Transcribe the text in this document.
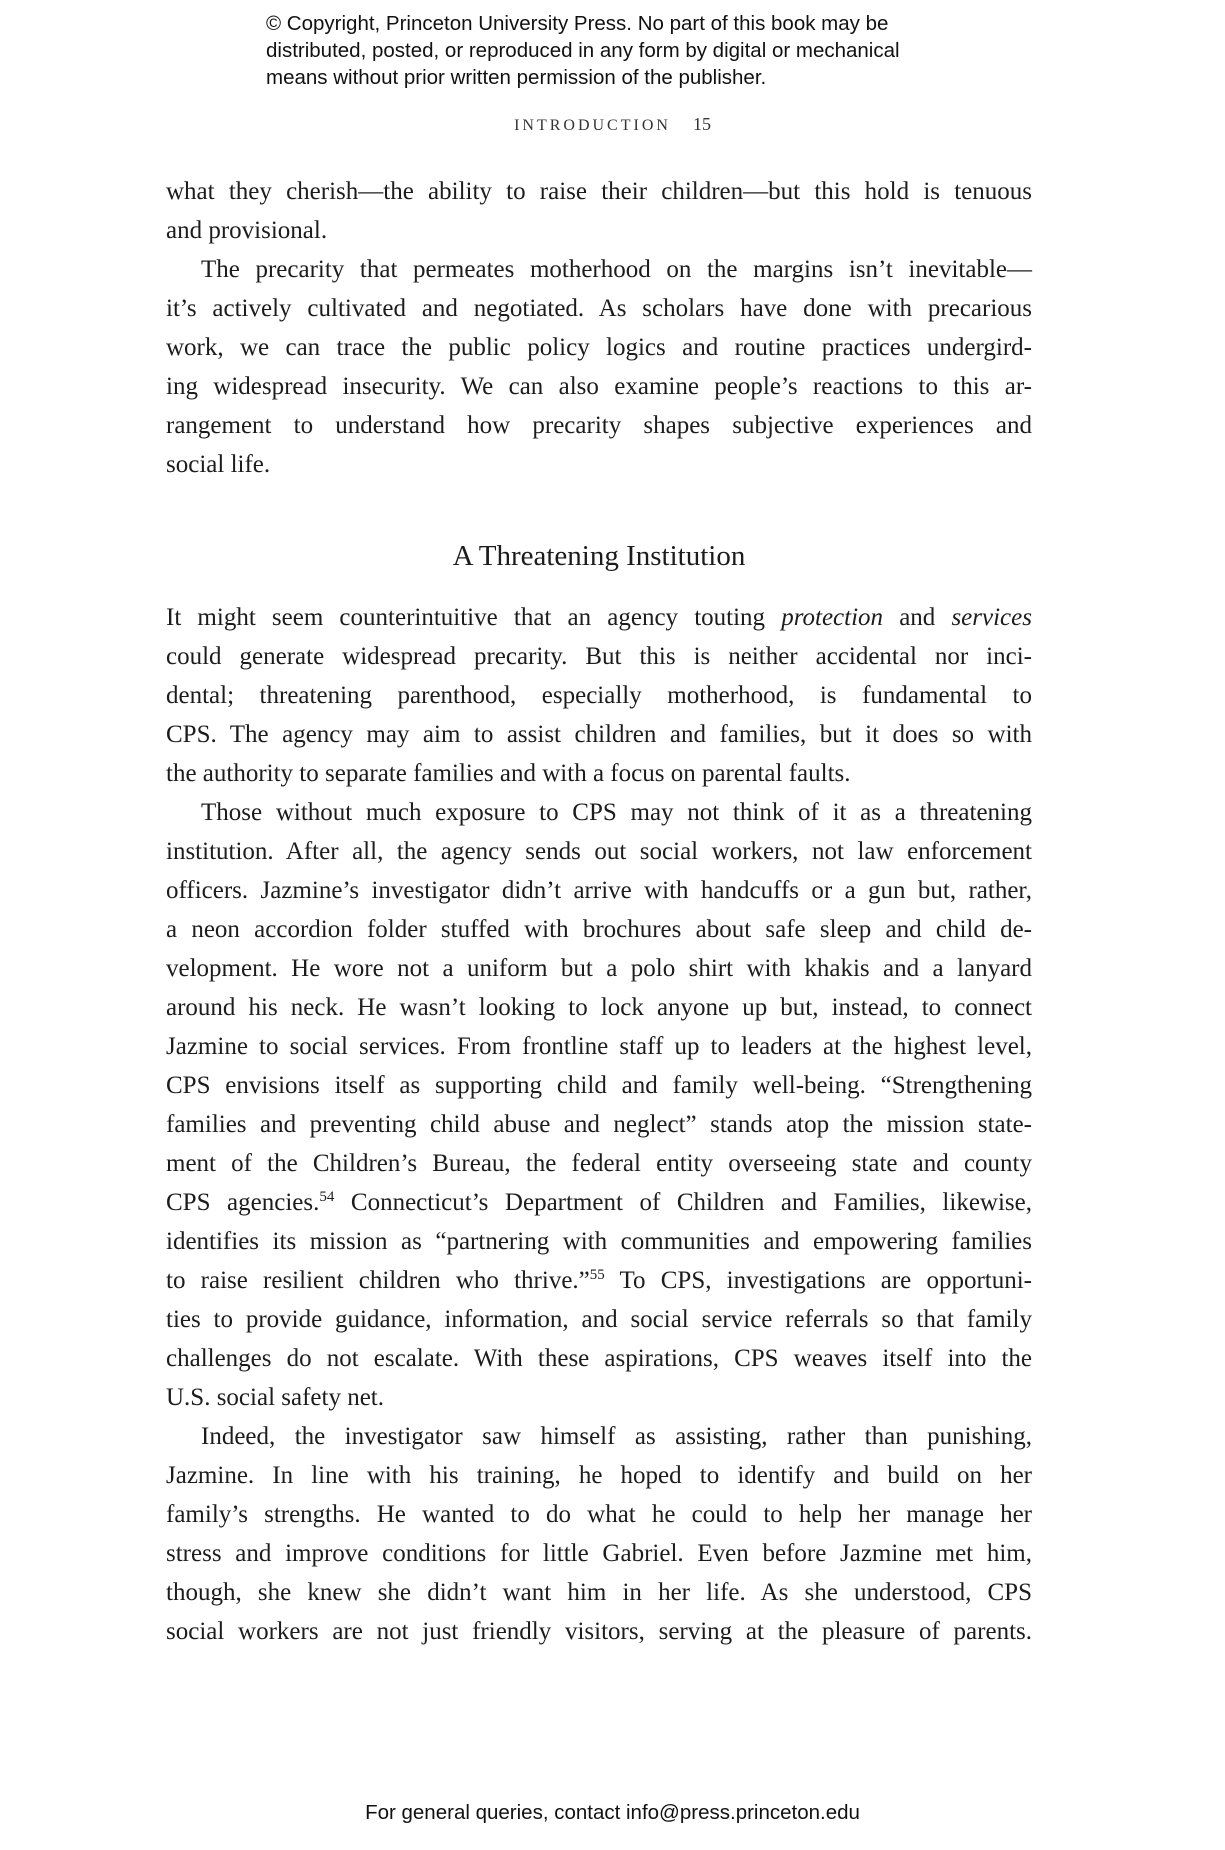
© Copyright, Princeton University Press. No part of this book may be
distributed, posted, or reproduced in any form by digital or mechanical
means without prior written permission of the publisher.
INTRODUCTION 15
what they cherish—the ability to raise their children—but this hold is tenuous
and provisional.
The precarity that permeates motherhood on the margins isn’t inevitable—
it’s actively cultivated and negotiated. As scholars have done with precarious
work, we can trace the public policy logics and routine practices undergird-
ing widespread insecurity. We can also examine people’s reactions to this ar-
rangement to understand how precarity shapes subjective experiences and
social life.
A Threatening Institution
It might seem counterintuitive that an agency touting protection and services
could generate widespread precarity. But this is neither accidental nor inci-
dental; threatening parenthood, especially motherhood, is fundamental to
CPS. The agency may aim to assist children and families, but it does so with
the authority to separate families and with a focus on parental faults.
Those without much exposure to CPS may not think of it as a threatening
institution. After all, the agency sends out social workers, not law enforcement
officers. Jazmine’s investigator didn’t arrive with handcuffs or a gun but, rather,
a neon accordion folder stuffed with brochures about safe sleep and child de-
velopment. He wore not a uniform but a polo shirt with khakis and a lanyard
around his neck. He wasn’t looking to lock anyone up but, instead, to connect
Jazmine to social services. From frontline staff up to leaders at the highest level,
CPS envisions itself as supporting child and family well-being. “Strengthening
families and preventing child abuse and neglect” stands atop the mission state-
ment of the Children’s Bureau, the federal entity overseeing state and county
CPS agencies.$^{54}$ Connecticut’s Department of Children and Families, likewise,
identifies its mission as “partnering with communities and empowering families
to raise resilient children who thrive.”$^{55}$ To CPS, investigations are opportuni-
ties to provide guidance, information, and social service referrals so that family
challenges do not escalate. With these aspirations, CPS weaves itself into the
U.S. social safety net.
Indeed, the investigator saw himself as assisting, rather than punishing,
Jazmine. In line with his training, he hoped to identify and build on her
family’s strengths. He wanted to do what he could to help her manage her
stress and improve conditions for little Gabriel. Even before Jazmine met him,
though, she knew she didn’t want him in her life. As she understood, CPS
social workers are not just friendly visitors, serving at the pleasure of parents.
For general queries, contact info@press.princeton.edu
